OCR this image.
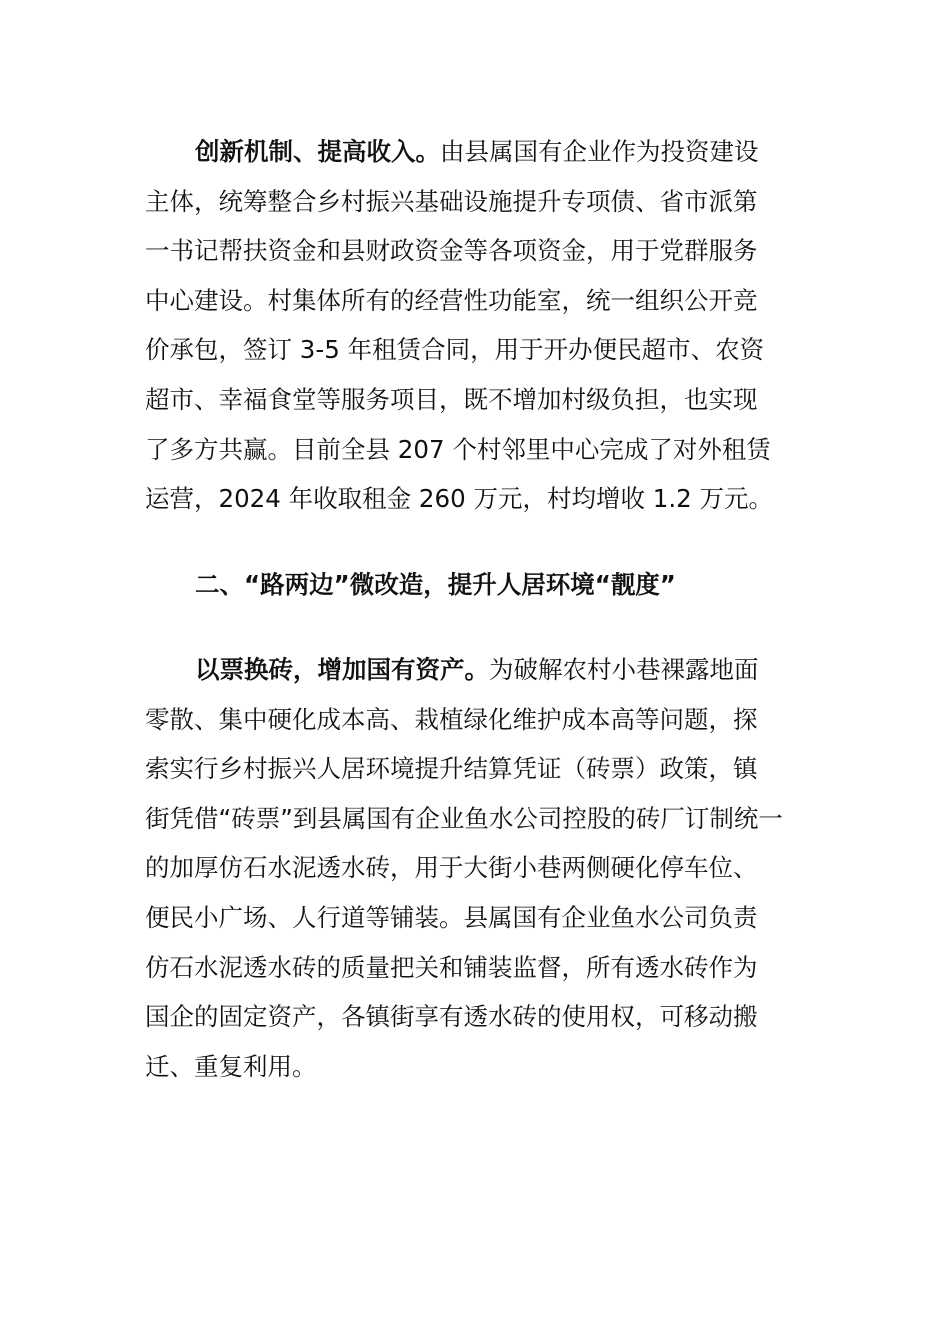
创新机制、提高收入。由县属国有企业作为投资建设
主体，统筹整合乡村振兴基础设施提升专项债、省市派第
一书记帮扶资金和县财政资金等各项资金，用于党群服务
中心建设。村集体所有的经营性功能室，统一组织公开竞
价承包，签订 3-5 年租赁合同，用于开办便民超市、农资
超市、幸福食堂等服务项目，既不增加村级负担，也实现
了多方共赢。目前全县 207 个村邻里中心完成了对外租赁
运营，2024 年收取租金 260 万元，村均增收 1.2 万元。
二、“路两边”微改造，提升人居环境“靓度”
以票换砖，增加国有资产。为破解农村小巷裸露地面
零散、集中硬化成本高、栽植绿化维护成本高等问题，探
索实行乡村振兴人居环境提升结算凭证（砖票）政策，镇
街凭借“砖票”到县属国有企业鱼水公司控股的砖厂订制统一
的加厚仿石水泥透水砖，用于大街小巷两侧硬化停车位、
便民小广场、人行道等铺装。县属国有企业鱼水公司负责
仿石水泥透水砖的质量把关和铺装监督，所有透水砖作为
国企的固定资产，各镇街享有透水砖的使用权，可移动搬
迁、重复利用。
